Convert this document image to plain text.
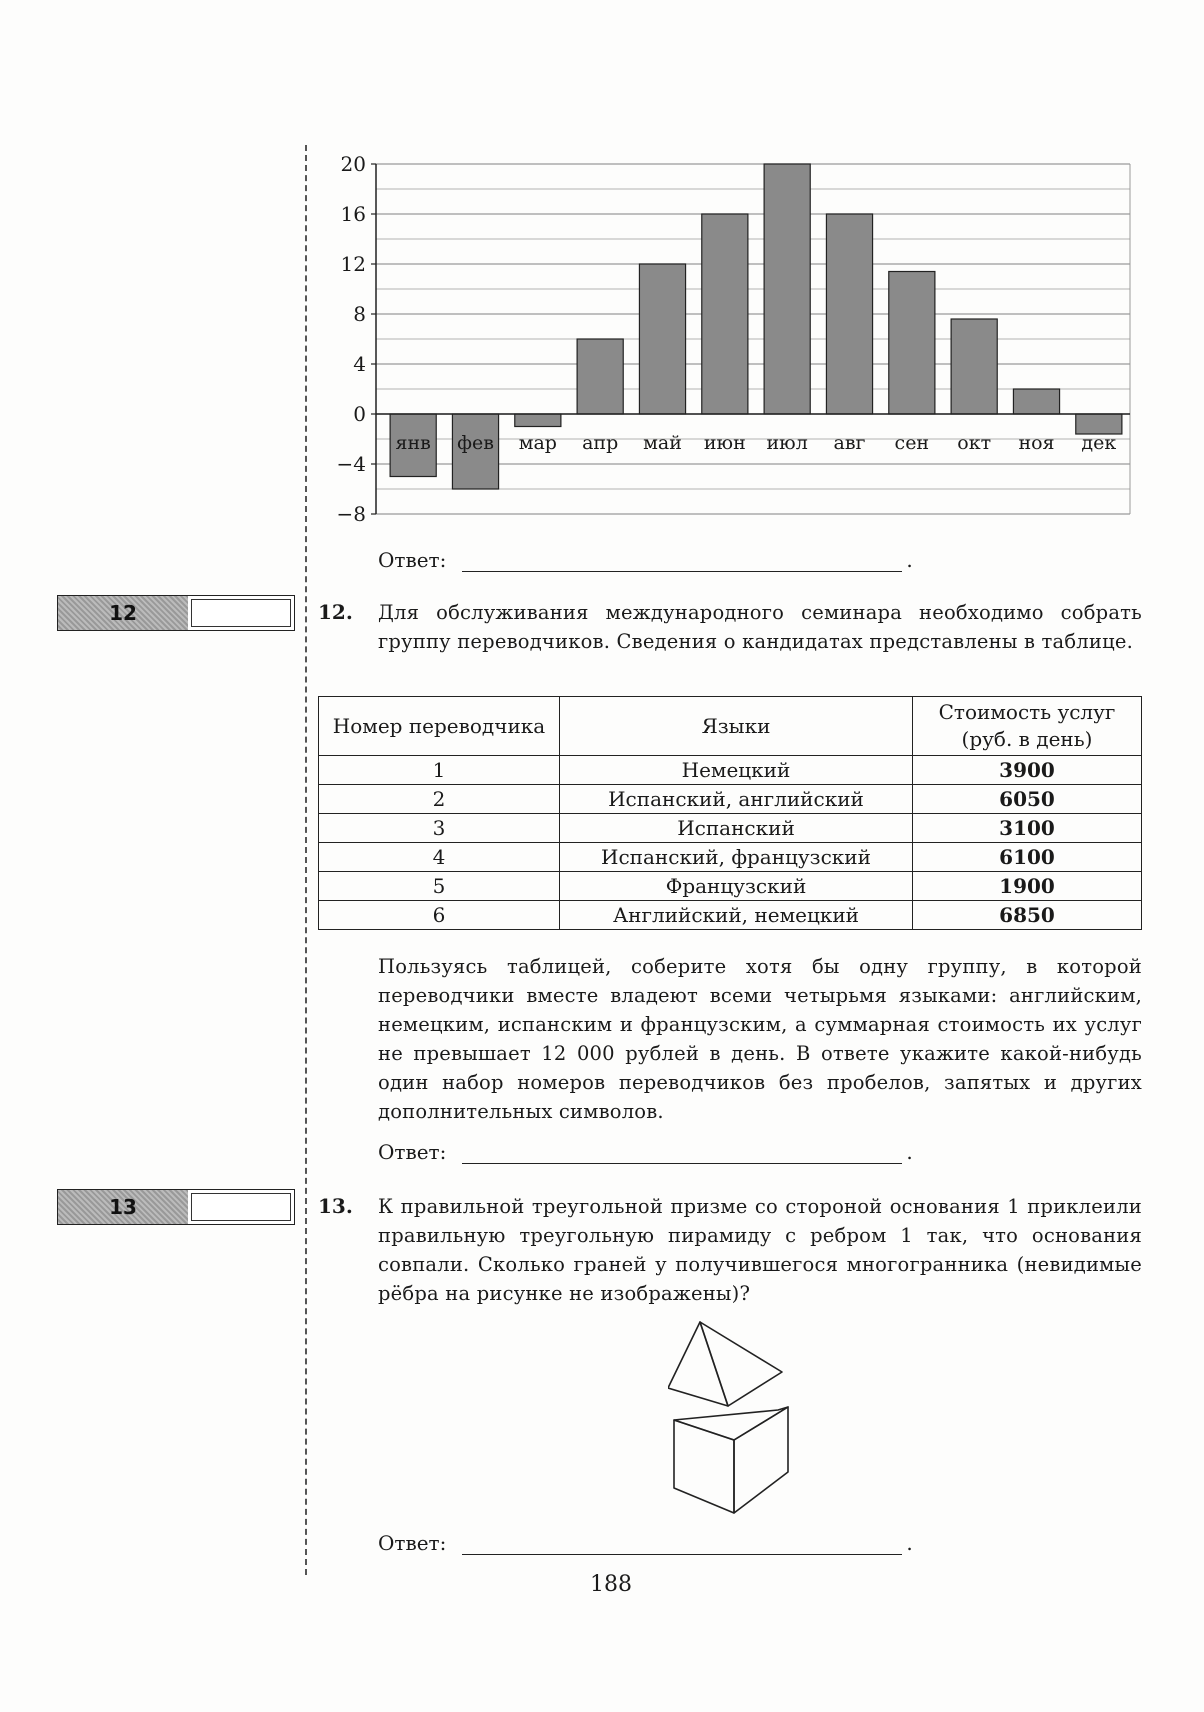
20
16
12
8
4
0
−4
−8
янв фев мар апр май июн июл авг сен окт ноя дек
Ответ:	.
12	12. Для обслуживания международного семинара необходимо собрать группу переводчиков. Сведения о кандидатах представлены в таблице.
Номер переводчика	Языки	Стоимость услуг (руб. в день)
1	Немецкий	3900
2	Испанский, английский	6050
3	Испанский	3100
4	Испанский, французский	6100
5	Французский	1900
6	Английский, немецкий	6850
Пользуясь таблицей, соберите хотя бы одну группу, в которой переводчики вместе владеют всеми четырьмя языками: английским, немецким, испанским и французским, а суммарная стоимость их услуг не превышает 12 000 рублей в день. В ответе укажите какой-нибудь один набор номеров переводчиков без пробелов, запятых и других дополнительных символов.
Ответ:	.
13	13. К правильной треугольной призме со стороной основания 1 приклеили правильную треугольную пирамиду с ребром 1 так, что основания совпали. Сколько граней у получившегося многогранника (невидимые рёбра на рисунке не изображены)?
Ответ:	.
188
